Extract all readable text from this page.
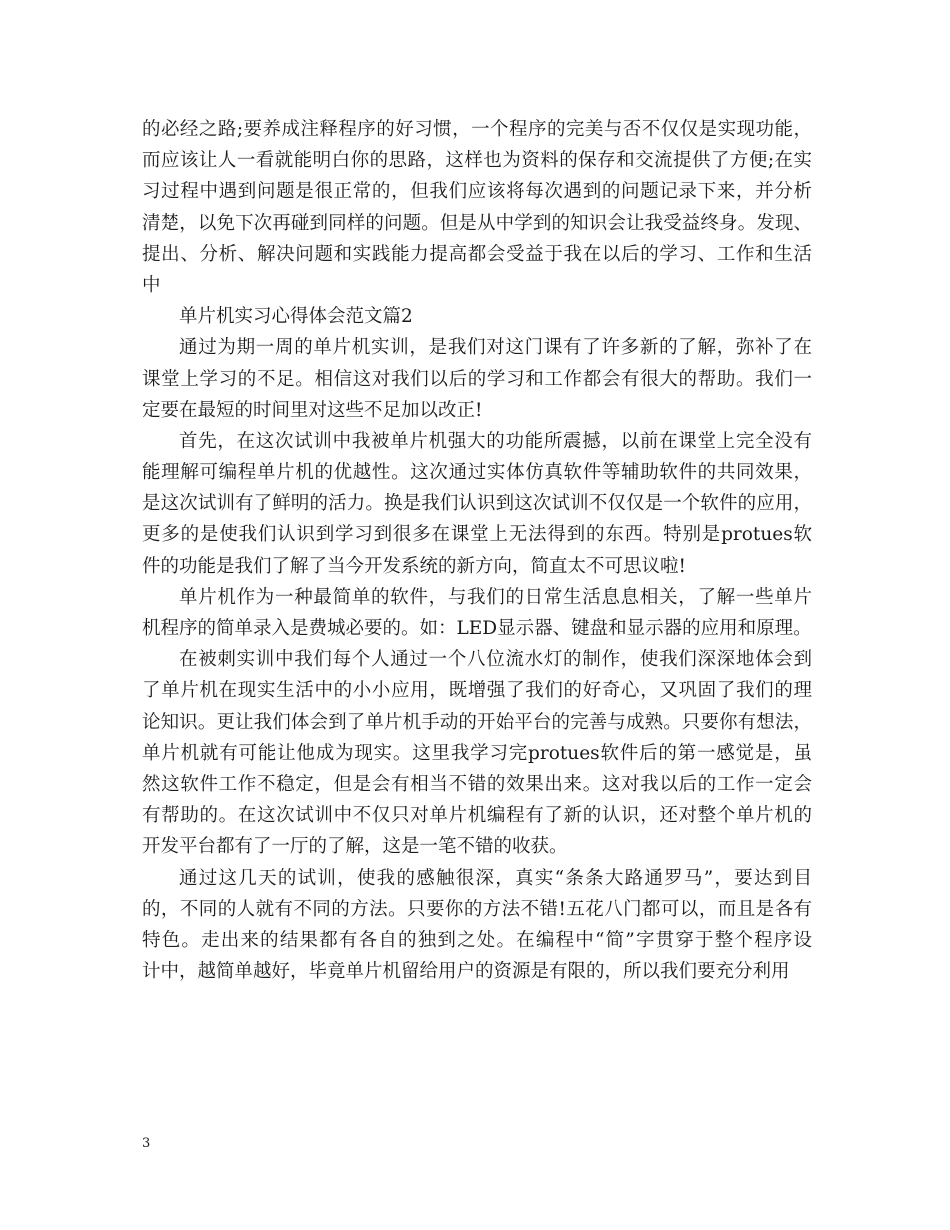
的必经之路;要养成注释程序的好习惯，一个程序的完美与否不仅仅是实现功能，
而应该让人一看就能明白你的思路，这样也为资料的保存和交流提供了方便;在实
习过程中遇到问题是很正常的，但我们应该将每次遇到的问题记录下来，并分析
清楚，以免下次再碰到同样的问题。但是从中学到的知识会让我受益终身。发现、
提出、分析、解决问题和实践能力提高都会受益于我在以后的学习、工作和生活
中
单片机实习心得体会范文篇2
通过为期一周的单片机实训，是我们对这门课有了许多新的了解，弥补了在
课堂上学习的不足。相信这对我们以后的学习和工作都会有很大的帮助。我们一
定要在最短的时间里对这些不足加以改正!
首先，在这次试训中我被单片机强大的功能所震撼，以前在课堂上完全没有
能理解可编程单片机的优越性。这次通过实体仿真软件等辅助软件的共同效果，
是这次试训有了鲜明的活力。换是我们认识到这次试训不仅仅是一个软件的应用，
更多的是使我们认识到学习到很多在课堂上无法得到的东西。特别是protues软
件的功能是我们了解了当今开发系统的新方向，简直太不可思议啦!
单片机作为一种最简单的软件，与我们的日常生活息息相关，了解一些单片
机程序的简单录入是费城必要的。如：LED显示器、键盘和显示器的应用和原理。
在被刺实训中我们每个人通过一个八位流水灯的制作，使我们深深地体会到
了单片机在现实生活中的小小应用，既增强了我们的好奇心，又巩固了我们的理
论知识。更让我们体会到了单片机手动的开始平台的完善与成熟。只要你有想法，
单片机就有可能让他成为现实。这里我学习完protues软件后的第一感觉是，虽
然这软件工作不稳定，但是会有相当不错的效果出来。这对我以后的工作一定会
有帮助的。在这次试训中不仅只对单片机编程有了新的认识，还对整个单片机的
开发平台都有了一厅的了解，这是一笔不错的收获。
通过这几天的试训，使我的感触很深，真实“条条大路通罗马”，要达到目
的，不同的人就有不同的方法。只要你的方法不错!五花八门都可以，而且是各有
特色。走出来的结果都有各自的独到之处。在编程中“简”字贯穿于整个程序设
计中，越简单越好，毕竟单片机留给用户的资源是有限的，所以我们要充分利用
3
